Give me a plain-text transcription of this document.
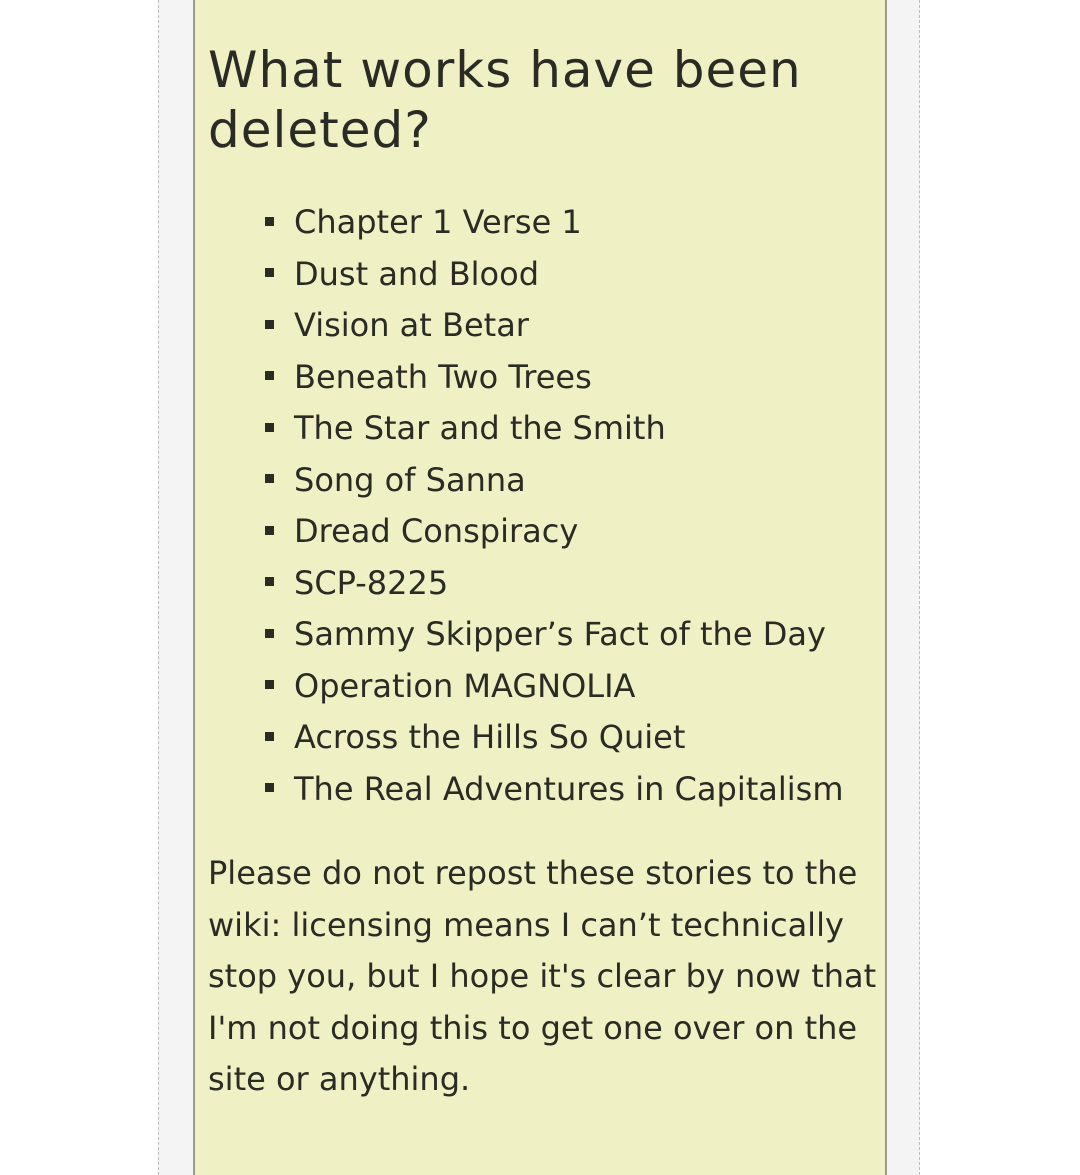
What works have been deleted?
Chapter 1 Verse 1
Dust and Blood
Vision at Betar
Beneath Two Trees
The Star and the Smith
Song of Sanna
Dread Conspiracy
SCP-8225
Sammy Skipper’s Fact of the Day
Operation MAGNOLIA
Across the Hills So Quiet
The Real Adventures in Capitalism

Please do not repost these stories to the wiki: licensing means I can’t technically stop you, but I hope it's clear by now that I'm not doing this to get one over on the site or anything.
